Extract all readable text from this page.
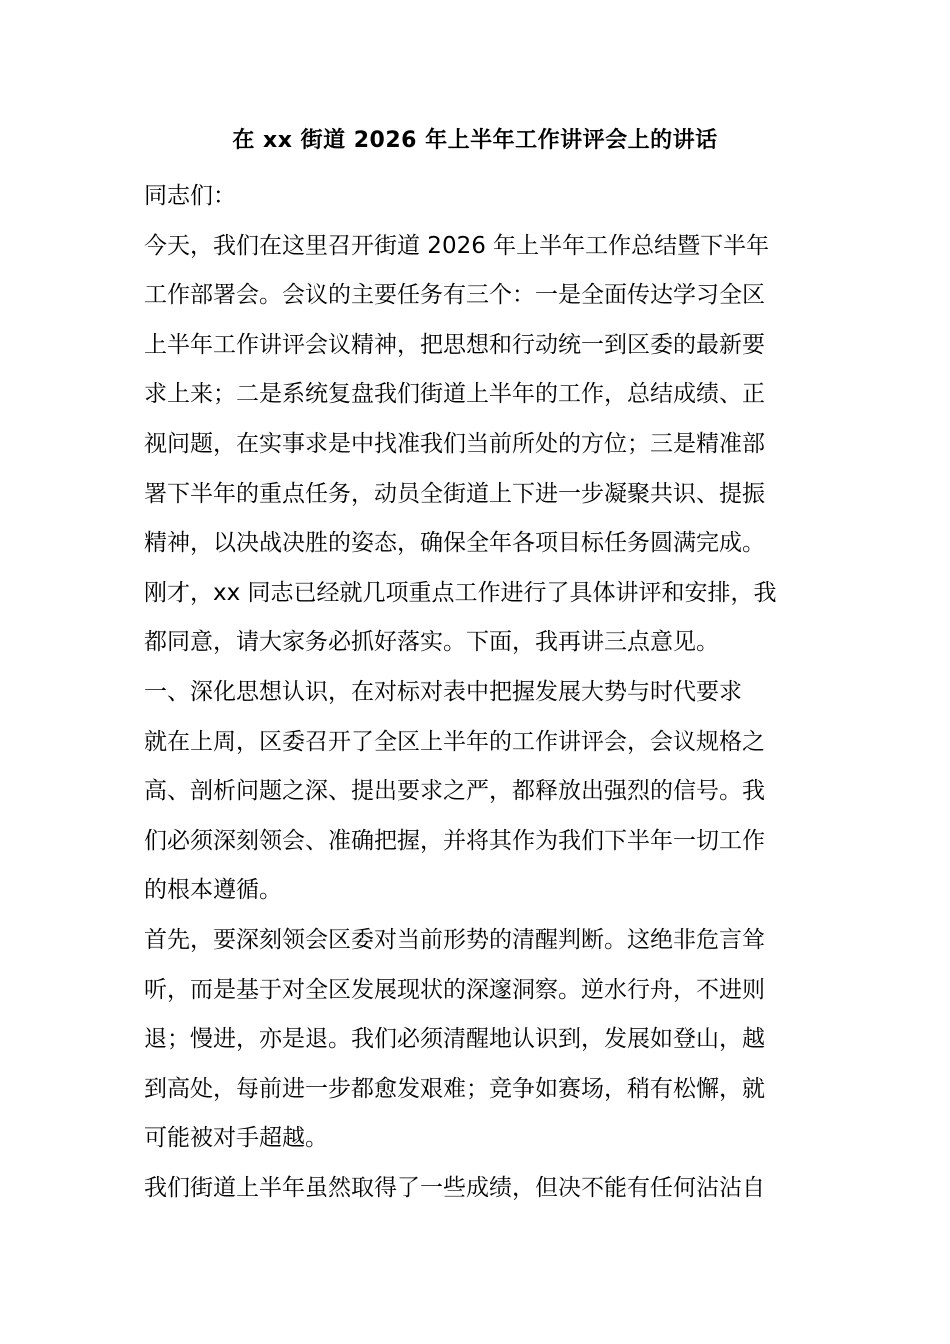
在 xx 街道 2026 年上半年工作讲评会上的讲话
同志们：
今天，我们在这里召开街道 2026 年上半年工作总结暨下半年
工作部署会。会议的主要任务有三个：一是全面传达学习全区
上半年工作讲评会议精神，把思想和行动统一到区委的最新要
求上来；二是系统复盘我们街道上半年的工作，总结成绩、正
视问题，在实事求是中找准我们当前所处的方位；三是精准部
署下半年的重点任务，动员全街道上下进一步凝聚共识、提振
精神，以决战决胜的姿态，确保全年各项目标任务圆满完成。
刚才，xx 同志已经就几项重点工作进行了具体讲评和安排，我
都同意，请大家务必抓好落实。下面，我再讲三点意见。
一、深化思想认识，在对标对表中把握发展大势与时代要求
就在上周，区委召开了全区上半年的工作讲评会，会议规格之
高、剖析问题之深、提出要求之严，都释放出强烈的信号。我
们必须深刻领会、准确把握，并将其作为我们下半年一切工作
的根本遵循。
首先，要深刻领会区委对当前形势的清醒判断。这绝非危言耸
听，而是基于对全区发展现状的深邃洞察。逆水行舟，不进则
退；慢进，亦是退。我们必须清醒地认识到，发展如登山，越
到高处，每前进一步都愈发艰难；竞争如赛场，稍有松懈，就
可能被对手超越。
我们街道上半年虽然取得了一些成绩，但决不能有任何沾沾自
